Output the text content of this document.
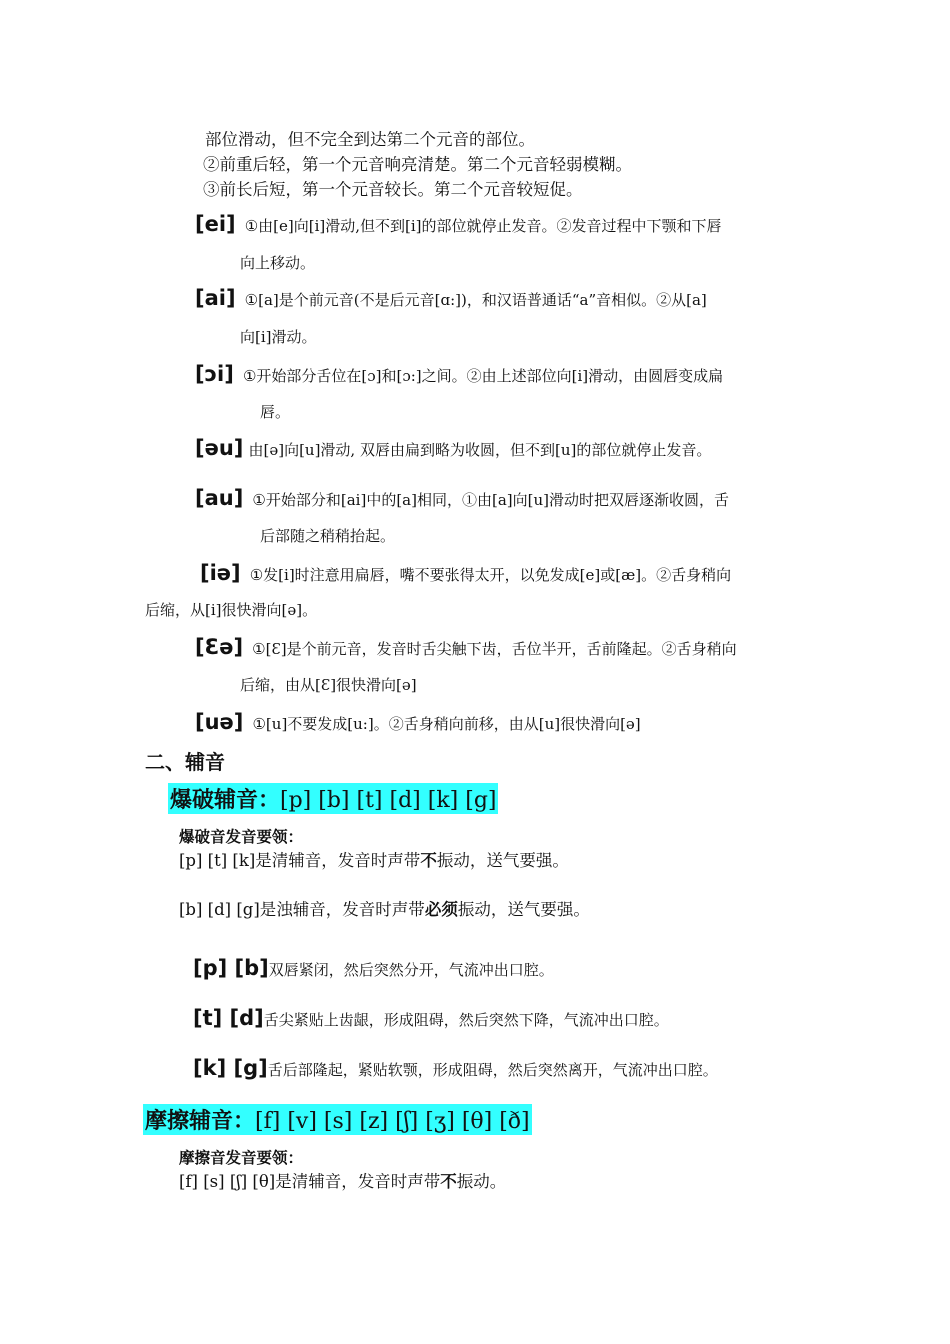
部位滑动，但不完全到达第二个元音的部位。
②前重后轻，第一个元音响亮清楚。第二个元音轻弱模糊。
③前长后短，第一个元音较长。第二个元音较短促。
[ei] ①由[e]向[i]滑动,但不到[i]的部位就停止发音。②发音过程中下颚和下唇
向上移动。
[ai] ①[a]是个前元音(不是后元音[ɑ:])，和汉语普通话“a”音相似。②从[a]
向[i]滑动。
[ɔi] ①开始部分舌位在[ɔ]和[ɔ:]之间。②由上述部位向[i]滑动，由圆唇变成扁
唇。
[əu] 由[ə]向[u]滑动, 双唇由扁到略为收圆，但不到[u]的部位就停止发音。
[au] ①开始部分和[ai]中的[a]相同，①由[a]向[u]滑动时把双唇逐渐收圆，舌
后部随之稍稍抬起。
[iə] ①发[i]时注意用扁唇，嘴不要张得太开，以免发成[e]或[æ]。②舌身稍向
后缩，从[i]很快滑向[ə]。
[Ɛə] ①[Ɛ]是个前元音，发音时舌尖触下齿，舌位半开，舌前隆起。②舌身稍向
后缩，由从[Ɛ]很快滑向[ə]
[uə] ①[u]不要发成[u:]。②舌身稍向前移，由从[u]很快滑向[ə]
二、辅音
爆破辅音：[p] [b] [t] [d] [k] [g]
爆破音发音要领：
[p] [t] [k]是清辅音，发音时声带不振动，送气要强。
[b] [d] [g]是浊辅音，发音时声带必须振动，送气要强。
[p] [b]双唇紧闭，然后突然分开，气流冲出口腔。
[t] [d]舌尖紧贴上齿龈，形成阻碍，然后突然下降，气流冲出口腔。
[k] [g]舌后部隆起，紧贴软颚，形成阻碍，然后突然离开，气流冲出口腔。
摩擦辅音：[f] [v] [s] [z] [ʃ] [ʒ] [θ] [ð]
摩擦音发音要领：
[f] [s] [ʃ] [θ]是清辅音，发音时声带不振动。
